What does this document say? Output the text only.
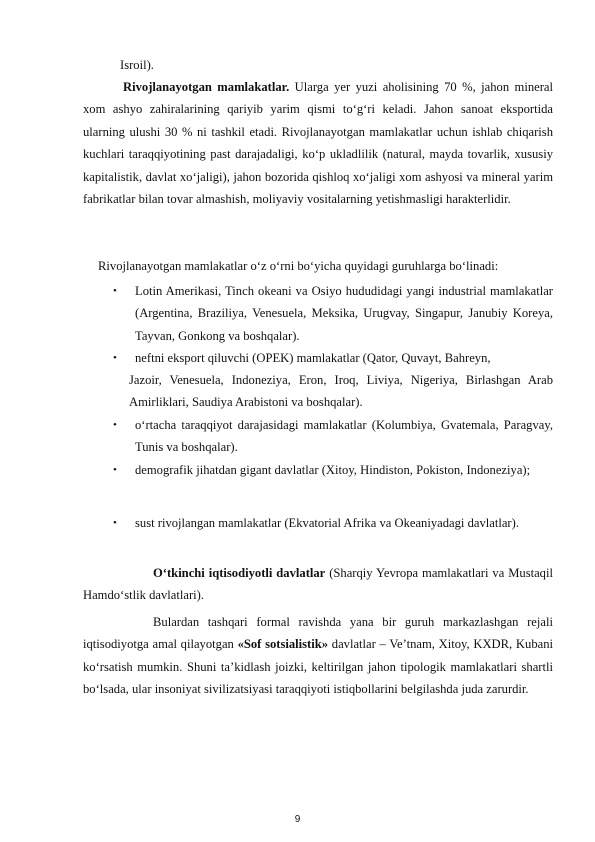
Isroil).
Rivojlanayotgan mamlakatlar. Ularga yer yuzi aholisining 70 %, jahon mineral xom ashyo zahiralarining qariyib yarim qismi to‘g‘ri keladi. Jahon sanoat eksportida ularning ulushi 30 % ni tashkil etadi. Rivojlanayotgan mamlakatlar uchun ishlab chiqarish kuchlari taraqqiyotining past darajadaligi, ko‘p ukladlilik (natural, mayda tovarlik, xususiy kapitalistik, davlat xo‘jaligi), jahon bozorida qishloq xo‘jaligi xom ashyosi va mineral yarim fabrikatlar bilan tovar almashish, moliyaviy vositalarning yetishmasligi harakterlidir.
Rivojlanayotgan mamlakatlar o‘z o‘rni bo‘yicha quyidagi guruhlarga bo‘linadi:
•	Lotin Amerikasi, Tinch okeani va Osiyo hududidagi yangi industrial mamlakatlar (Argentina, Braziliya, Venesuela, Meksika, Urugvay, Singapur, Janubiy Koreya, Tayvan, Gonkong va boshqalar).
•	neftni eksport qiluvchi (OPEK) mamlakatlar (Qator, Quvayt, Bahreyn,
Jazoir, Venesuela, Indoneziya, Eron, Iroq, Liviya, Nigeriya, Birlashgan Arab Amirliklari, Saudiya Arabistoni va boshqalar).
•	o‘rtacha taraqqiyot darajasidagi mamlakatlar (Kolumbiya, Gvatemala, Paragvay, Tunis va boshqalar).
•	demografik jihatdan gigant davlatlar (Xitoy, Hindiston, Pokiston, Indoneziya);
•	sust rivojlangan mamlakatlar (Ekvatorial Afrika va Okeaniyadagi davlatlar).
O‘tkinchi iqtisodiyotli davlatlar (Sharqiy Yevropa mamlakatlari va Mustaqil Hamdo‘stlik davlatlari).
Bulardan tashqari formal ravishda yana bir guruh markazlashgan rejali iqtisodiyotga amal qilayotgan «Sof sotsialistik» davlatlar – Ve’tnam, Xitoy, KXDR, Kubani ko‘rsatish mumkin. Shuni ta’kidlash joizki, keltirilgan jahon tipologik mamlakatlari shartli bo‘lsada, ular insoniyat sivilizatsiyasi taraqqiyoti istiqbollarini belgilashda juda zarurdir.
9
